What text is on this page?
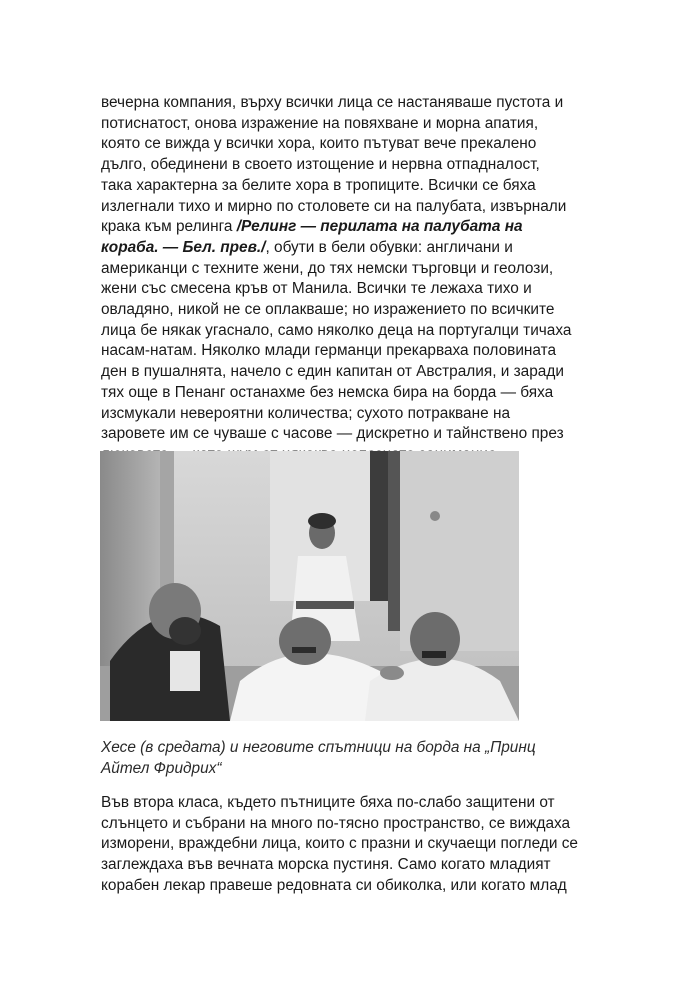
вечерна компания, върху всички лица се настаняваше пустота и
потиснатост, онова изражение на повяхване и морна апатия,
която се вижда у всички хора, които пътуват вече прекалено
дълго, обединени в своето изтощение и нервна отпадналост,
така характерна за белите хора в тропиците. Всички се бяха
излегнали тихо и мирно по столовете си на палубата, извърнали
крака към релинга /Релинг — перилата на палубата на
кораба. — Бел. прев./, обути в бели обувки: англичани и
американци с техните жени, до тях немски търговци и геолози,
жени със смесена кръв от Манила. Всички те лежаха тихо и
овладяно, никой не се оплакваше; но изражението по всичките
лица бе някак угаснало, само няколко деца на португалци тичаха
насам-натам. Няколко млади германци прекарваха половината
ден в пушалнята, начело с един капитан от Австралия, и заради
тях още в Пенанг останахме без немска бира на борда — бяха
изсмукали невероятни количества; сухото потракване на
заровете им се чуваше с часове — дискретно и тайнствено през

Хесе (в средата) и неговите спътници на борда на „Принц
Айтел Фридрих“

Във втора класа, където пътниците бяха по-слабо защитени от
слънцето и събрани на много по-тясно пространство, се виждаха
изморени, враждебни лица, които с празни и скучаещи погледи се
заглеждаха във вечната морска пустиня. Само когато младият
корабен лекар правеше редовната си обиколка, или когато млад
